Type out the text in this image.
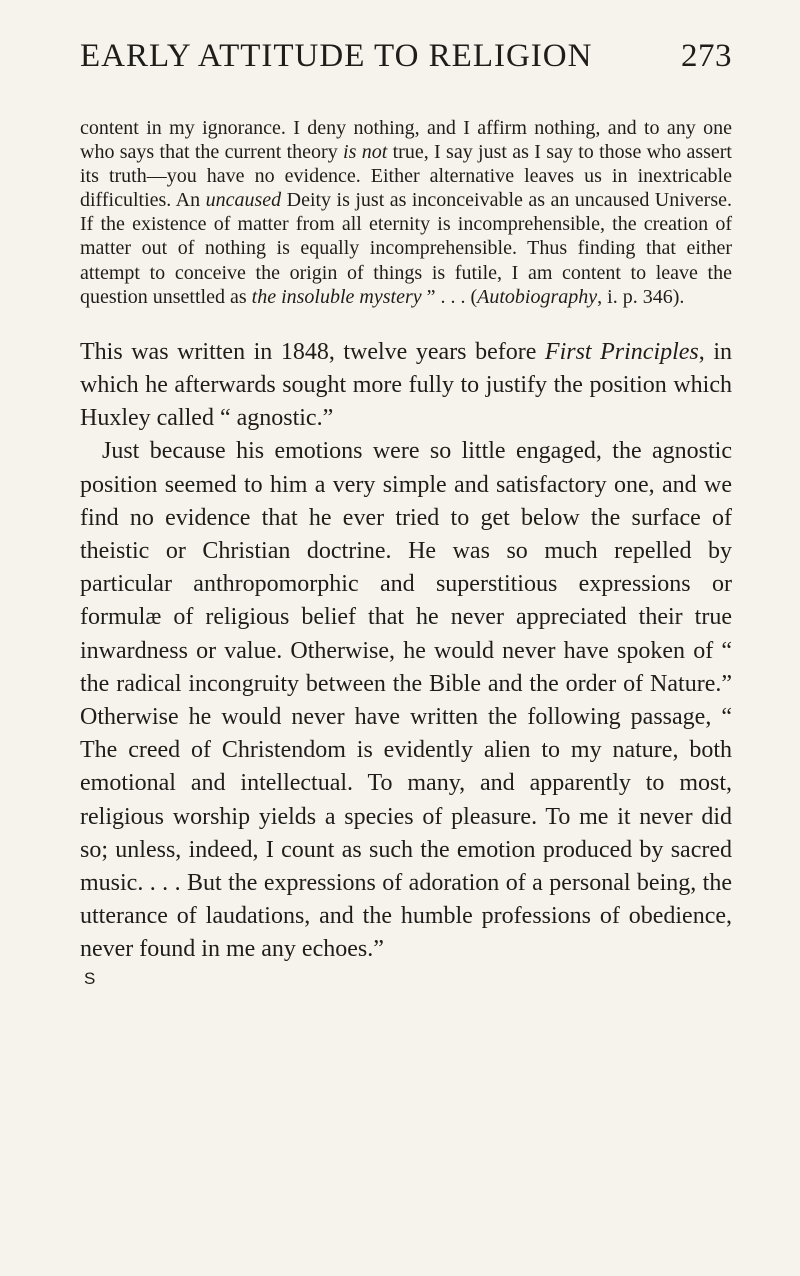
EARLY ATTITUDE TO RELIGION	273

content in my ignorance. I deny nothing, and I affirm nothing, and to any one who says that the current theory is not true, I say just as I say to those who assert its truth—you have no evidence. Either alternative leaves us in inextricable difficulties. An uncaused Deity is just as inconceivable as an uncaused Universe. If the existence of matter from all eternity is incomprehensible, the creation of matter out of nothing is equally incomprehensible. Thus finding that either attempt to conceive the origin of things is futile, I am content to leave the question unsettled as the insoluble mystery ” . . . (Autobiography, i. p. 346).

This was written in 1848, twelve years before First Principles, in which he afterwards sought more fully to justify the position which Huxley called “ agnostic.”

Just because his emotions were so little engaged, the agnostic position seemed to him a very simple and satisfactory one, and we find no evidence that he ever tried to get below the surface of theistic or Christian doctrine. He was so much repelled by particular anthropomorphic and superstitious expressions or formulæ of religious belief that he never appreciated their true inwardness or value. Otherwise, he would never have spoken of “ the radical incongruity between the Bible and the order of Nature.” Otherwise he would never have written the following passage, “ The creed of Christendom is evidently alien to my nature, both emotional and intellectual. To many, and apparently to most, religious worship yields a species of pleasure. To me it never did so; unless, indeed, I count as such the emotion produced by sacred music. . . . But the expressions of adoration of a personal being, the utterance of laudations, and the humble professions of obedience, never found in me any echoes.”

S
